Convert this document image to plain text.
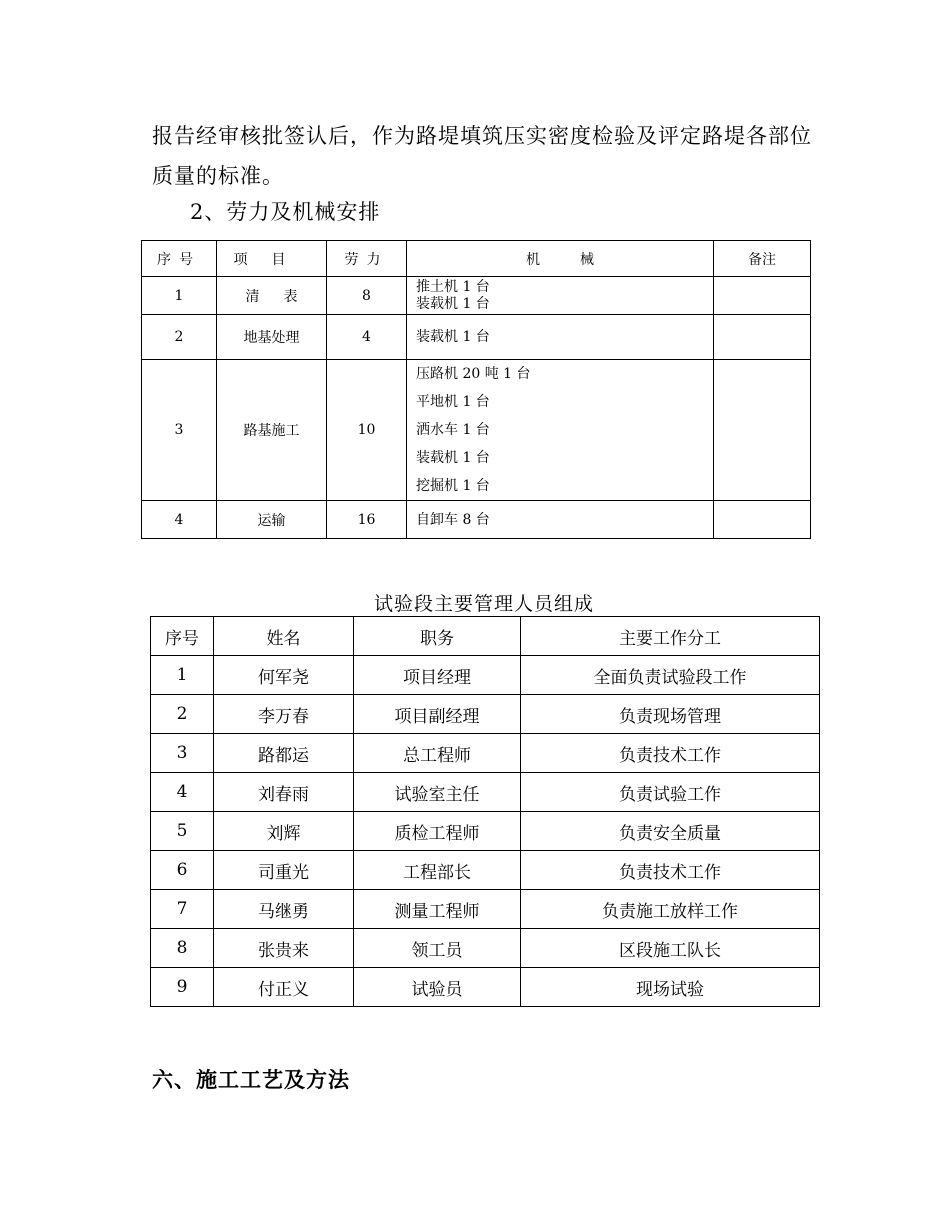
报告经审核批签认后，作为路堤填筑压实密度检验及评定路堤各部位质量的标准。

2、劳力及机械安排
序号	项目	劳力	机械	备注
1	清表	8	推土机 1 台
装载机 1 台	

2	地基处理	4	装载机 1 台	

3	路基施工	10	压路机 20 吨 1 台
平地机 1 台
洒水车 1 台
装载机 1 台
挖掘机 1 台	

4	运输	16	自卸车 8 台	

试验段主要管理人员组成
序号	姓名	职务	主要工作分工
1	何军尧	项目经理	全面负责试验段工作
2	李万春	项目副经理	负责现场管理
3	路都运	总工程师	负责技术工作
4	刘春雨	试验室主任	负责试验工作
5	刘辉	质检工程师	负责安全质量
6	司重光	工程部长	负责技术工作
7	马继勇	测量工程师	负责施工放样工作
8	张贵来	领工员	区段施工队长
9	付正义	试验员	现场试验
六、施工工艺及方法
